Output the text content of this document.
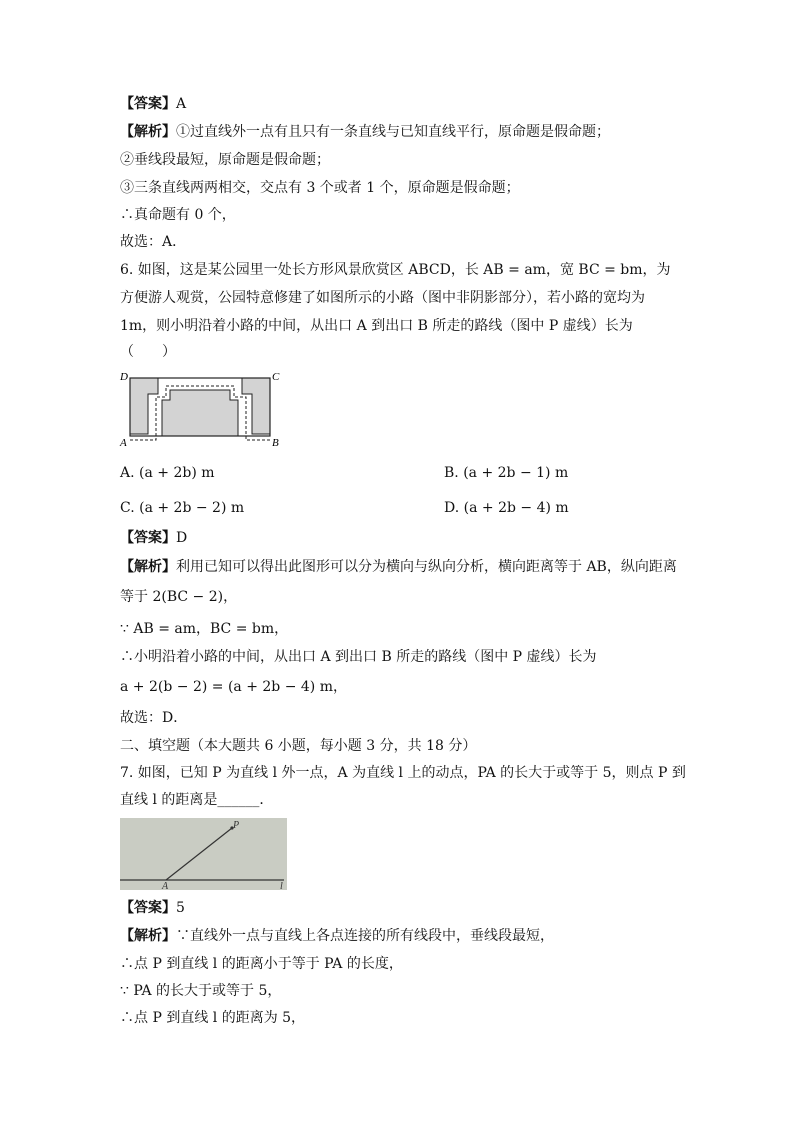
【答案】A
【解析】①过直线外一点有且只有一条直线与已知直线平行，原命题是假命题；
②垂线段最短，原命题是假命题；
③三条直线两两相交，交点有 3 个或者 1 个，原命题是假命题；
∴真命题有 0 个，
故选：A．
6. 如图，这是某公园里一处长方形风景欣赏区 ABCD，长 AB = am，宽 BC = bm，为
方便游人观赏，公园特意修建了如图所示的小路（图中非阴影部分），若小路的宽均为
1m，则小明沿着小路的中间，从出口 A 到出口 B 所走的路线（图中 P 虚线）长为
（　　）
D	C
A	B
A. (a + 2b) m	B. (a + 2b − 1) m
C. (a + 2b − 2) m	D. (a + 2b − 4) m
【答案】D
【解析】利用已知可以得出此图形可以分为横向与纵向分析，横向距离等于 AB，纵向距离
等于 2(BC − 2)，
∵ AB = am，BC = bm，
∴小明沿着小路的中间，从出口 A 到出口 B 所走的路线（图中 P 虚线）长为
a + 2(b − 2) = (a + 2b − 4) m，
故选：D．
二、填空题（本大题共 6 小题，每小题 3 分，共 18 分）
7. 如图，已知 P 为直线 l 外一点，A 为直线 l 上的动点，PA 的长大于或等于 5，则点 P 到
直线 l 的距离是______．
P
A	l
【答案】5
【解析】∵直线外一点与直线上各点连接的所有线段中，垂线段最短，
∴点 P 到直线 l 的距离小于等于 PA 的长度，
∵ PA 的长大于或等于 5，
∴点 P 到直线 l 的距离为 5，
